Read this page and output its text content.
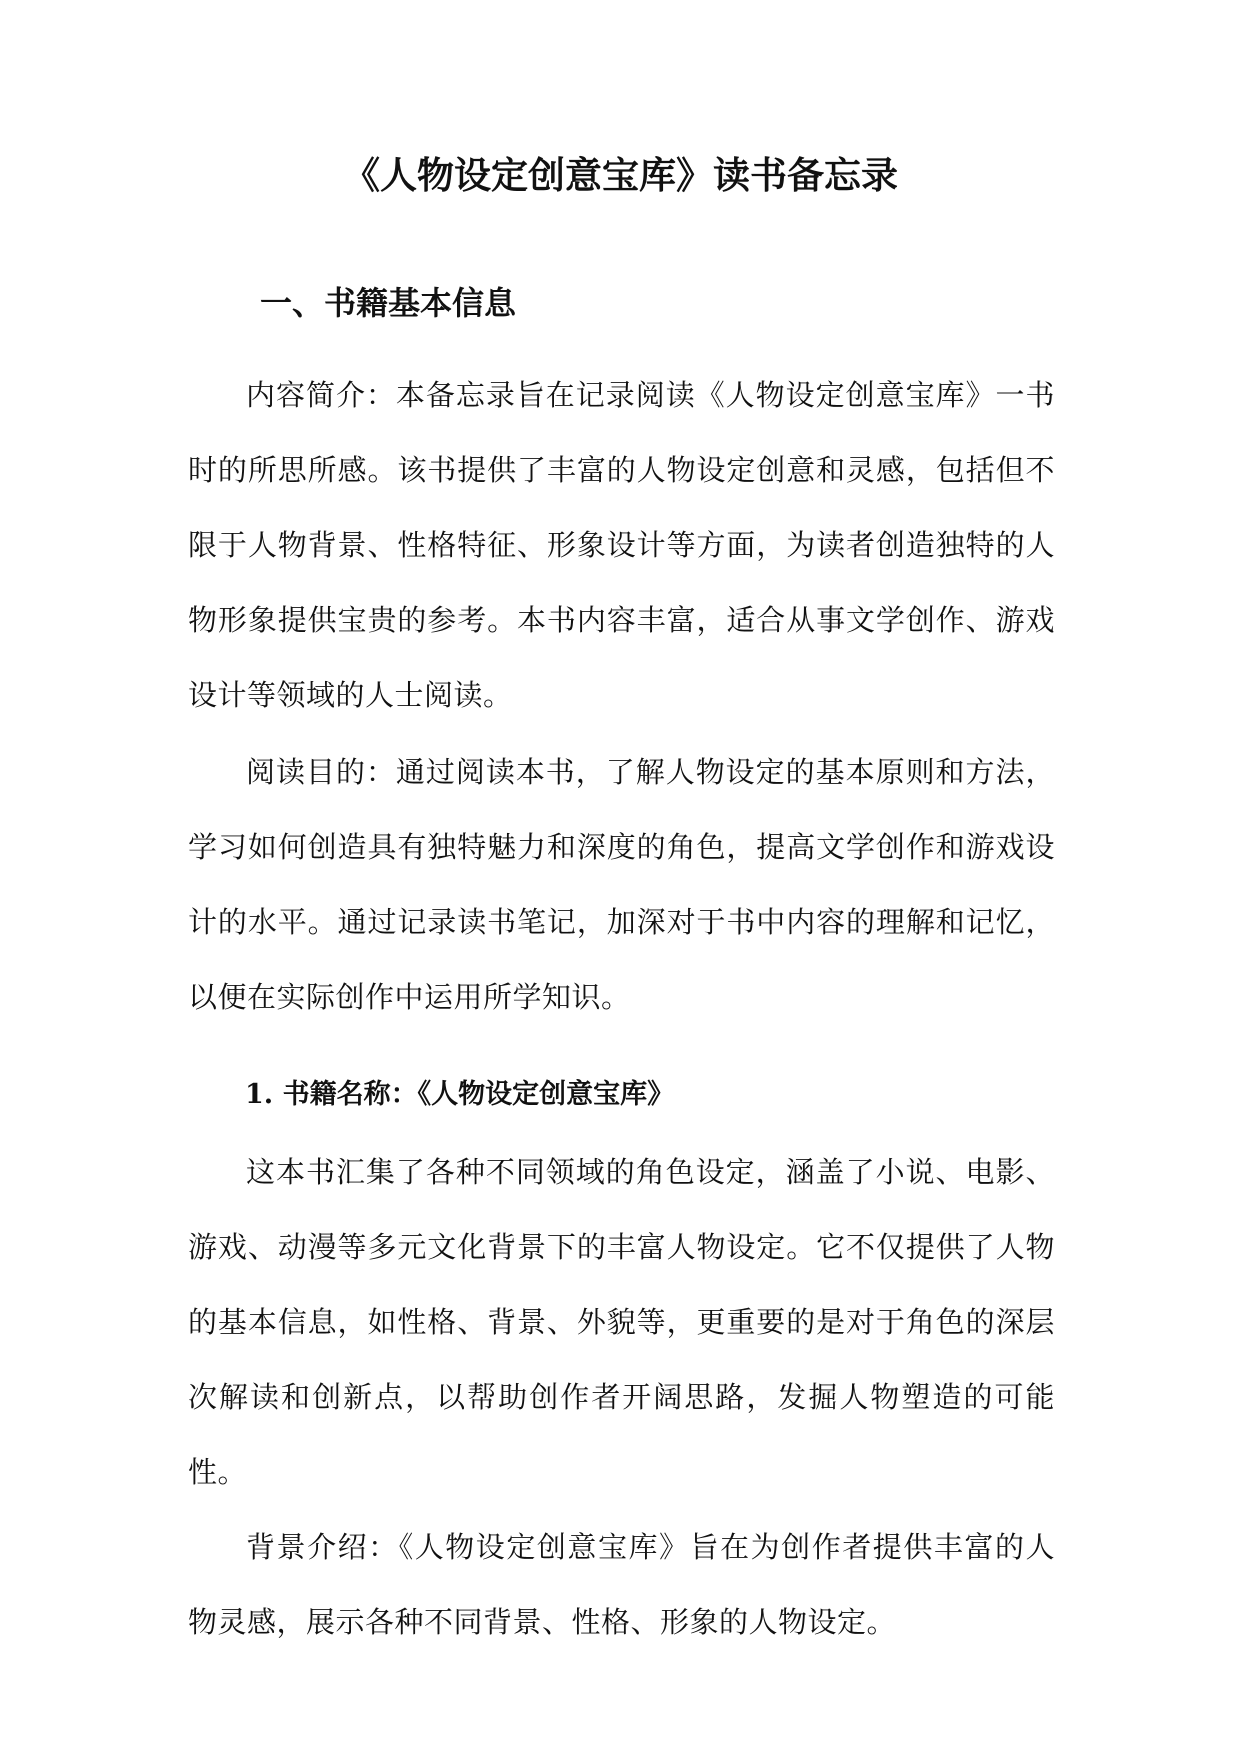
《人物设定创意宝库》读书备忘录
一、书籍基本信息

内容简介：本备忘录旨在记录阅读《人物设定创意宝库》一书时的所思所感。该书提供了丰富的人物设定创意和灵感，包括但不限于人物背景、性格特征、形象设计等方面，为读者创造独特的人物形象提供宝贵的参考。本书内容丰富，适合从事文学创作、游戏设计等领域的人士阅读。

阅读目的：通过阅读本书，了解人物设定的基本原则和方法，学习如何创造具有独特魅力和深度的角色，提高文学创作和游戏设计的水平。通过记录读书笔记，加深对于书中内容的理解和记忆，以便在实际创作中运用所学知识。

1. 书籍名称：《人物设定创意宝库》

这本书汇集了各种不同领域的角色设定，涵盖了小说、电影、游戏、动漫等多元文化背景下的丰富人物设定。它不仅提供了人物的基本信息，如性格、背景、外貌等，更重要的是对于角色的深层次解读和创新点，以帮助创作者开阔思路，发掘人物塑造的可能性。

背景介绍：《人物设定创意宝库》旨在为创作者提供丰富的人物灵感，展示各种不同背景、性格、形象的人物设定。
